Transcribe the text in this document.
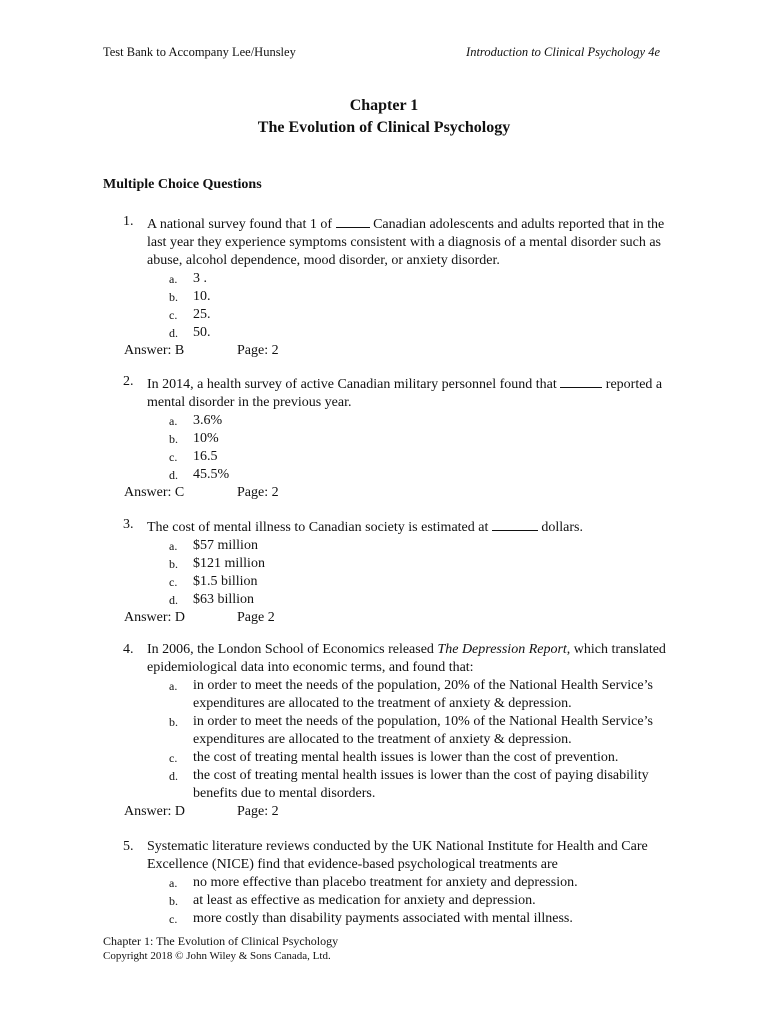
Test Bank to Accompany Lee/Hunsley	Introduction to Clinical Psychology 4e
Chapter 1
The Evolution of Clinical Psychology
Multiple Choice Questions
1. A national survey found that 1 of	Canadian adolescents and adults reported that in the last year they experience symptoms consistent with a diagnosis of a mental disorder such as abuse, alcohol dependence, mood disorder, or anxiety disorder.
a.	3 .
b.	10.
c.	25.
d.	50.
Answer: B	Page: 2
2. In 2014, a health survey of active Canadian military personnel found that	reported a mental disorder in the previous year.
a.	3.6%
b.	10%
c.	16.5
d.	45.5%
Answer: C	Page: 2
3. The cost of mental illness to Canadian society is estimated at	dollars.
a.	$57 million
b.	$121 million
c.	$1.5 billion
d.	$63 billion
Answer: D	Page 2
4. In 2006, the London School of Economics released The Depression Report, which translated epidemiological data into economic terms, and found that:
a.	in order to meet the needs of the population, 20% of the National Health Service’s expenditures are allocated to the treatment of anxiety & depression.
b.	in order to meet the needs of the population, 10% of the National Health Service’s expenditures are allocated to the treatment of anxiety & depression.
c.	the cost of treating mental health issues is lower than the cost of prevention.
d.	the cost of treating mental health issues is lower than the cost of paying disability benefits due to mental disorders.
Answer: D	Page: 2
5. Systematic literature reviews conducted by the UK National Institute for Health and Care Excellence (NICE) find that evidence-based psychological treatments are
a.	no more effective than placebo treatment for anxiety and depression.
b.	at least as effective as medication for anxiety and depression.
c.	more costly than disability payments associated with mental illness.
Chapter 1: The Evolution of Clinical Psychology
Copyright 2018 © John Wiley & Sons Canada, Ltd.
